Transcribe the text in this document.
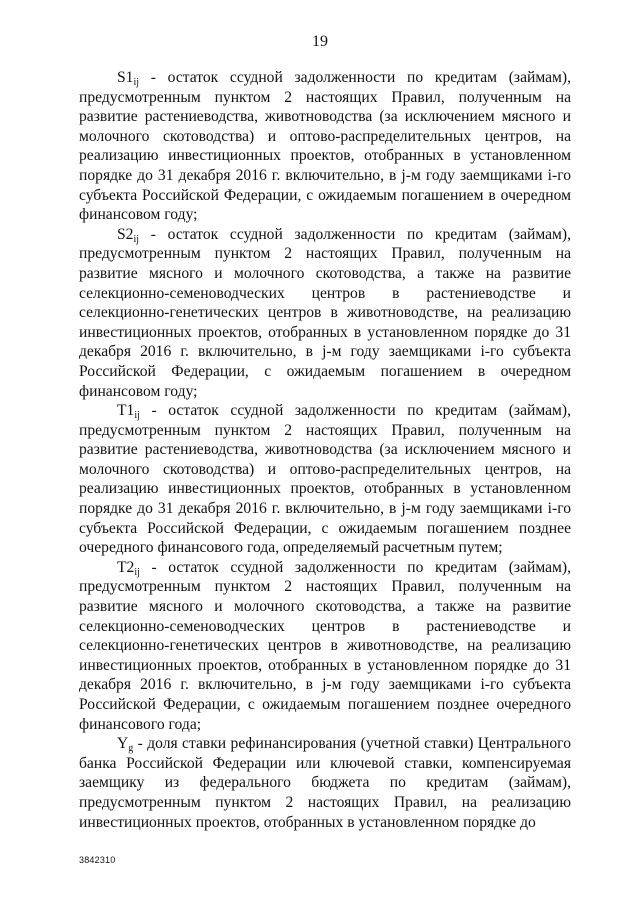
19

$S1_{ij}$ - остаток ссудной задолженности по кредитам (займам), предусмотренным пунктом 2 настоящих Правил, полученным на развитие растениеводства, животноводства (за исключением мясного и молочного скотоводства) и оптово-распределительных центров, на реализацию инвестиционных проектов, отобранных в установленном порядке до 31 декабря 2016 г. включительно, в j-м году заемщиками i-го субъекта Российской Федерации, с ожидаемым погашением в очередном финансовом году;

$S2_{ij}$ - остаток ссудной задолженности по кредитам (займам), предусмотренным пунктом 2 настоящих Правил, полученным на развитие мясного и молочного скотоводства, а также на развитие селекционно-семеноводческих центров в растениеводстве и селекционно-генетических центров в животноводстве, на реализацию инвестиционных проектов, отобранных в установленном порядке до 31 декабря 2016 г. включительно, в j-м году заемщиками i-го субъекта Российской Федерации, с ожидаемым погашением в очередном финансовом году;

$T1_{ij}$ - остаток ссудной задолженности по кредитам (займам), предусмотренным пунктом 2 настоящих Правил, полученным на развитие растениеводства, животноводства (за исключением мясного и молочного скотоводства) и оптово-распределительных центров, на реализацию инвестиционных проектов, отобранных в установленном порядке до 31 декабря 2016 г. включительно, в j-м году заемщиками i-го субъекта Российской Федерации, с ожидаемым погашением позднее очередного финансового года, определяемый расчетным путем;

$T2_{ij}$ - остаток ссудной задолженности по кредитам (займам), предусмотренным пунктом 2 настоящих Правил, полученным на развитие мясного и молочного скотоводства, а также на развитие селекционно-семеноводческих центров в растениеводстве и селекционно-генетических центров в животноводстве, на реализацию инвестиционных проектов, отобранных в установленном порядке до 31 декабря 2016 г. включительно, в j-м году заемщиками i-го субъекта Российской Федерации, с ожидаемым погашением позднее очередного финансового года;

$Y_g$ - доля ставки рефинансирования (учетной ставки) Центрального банка Российской Федерации или ключевой ставки, компенсируемая заемщику из федерального бюджета по кредитам (займам), предусмотренным пунктом 2 настоящих Правил, на реализацию инвестиционных проектов, отобранных в установленном порядке до

3842310
